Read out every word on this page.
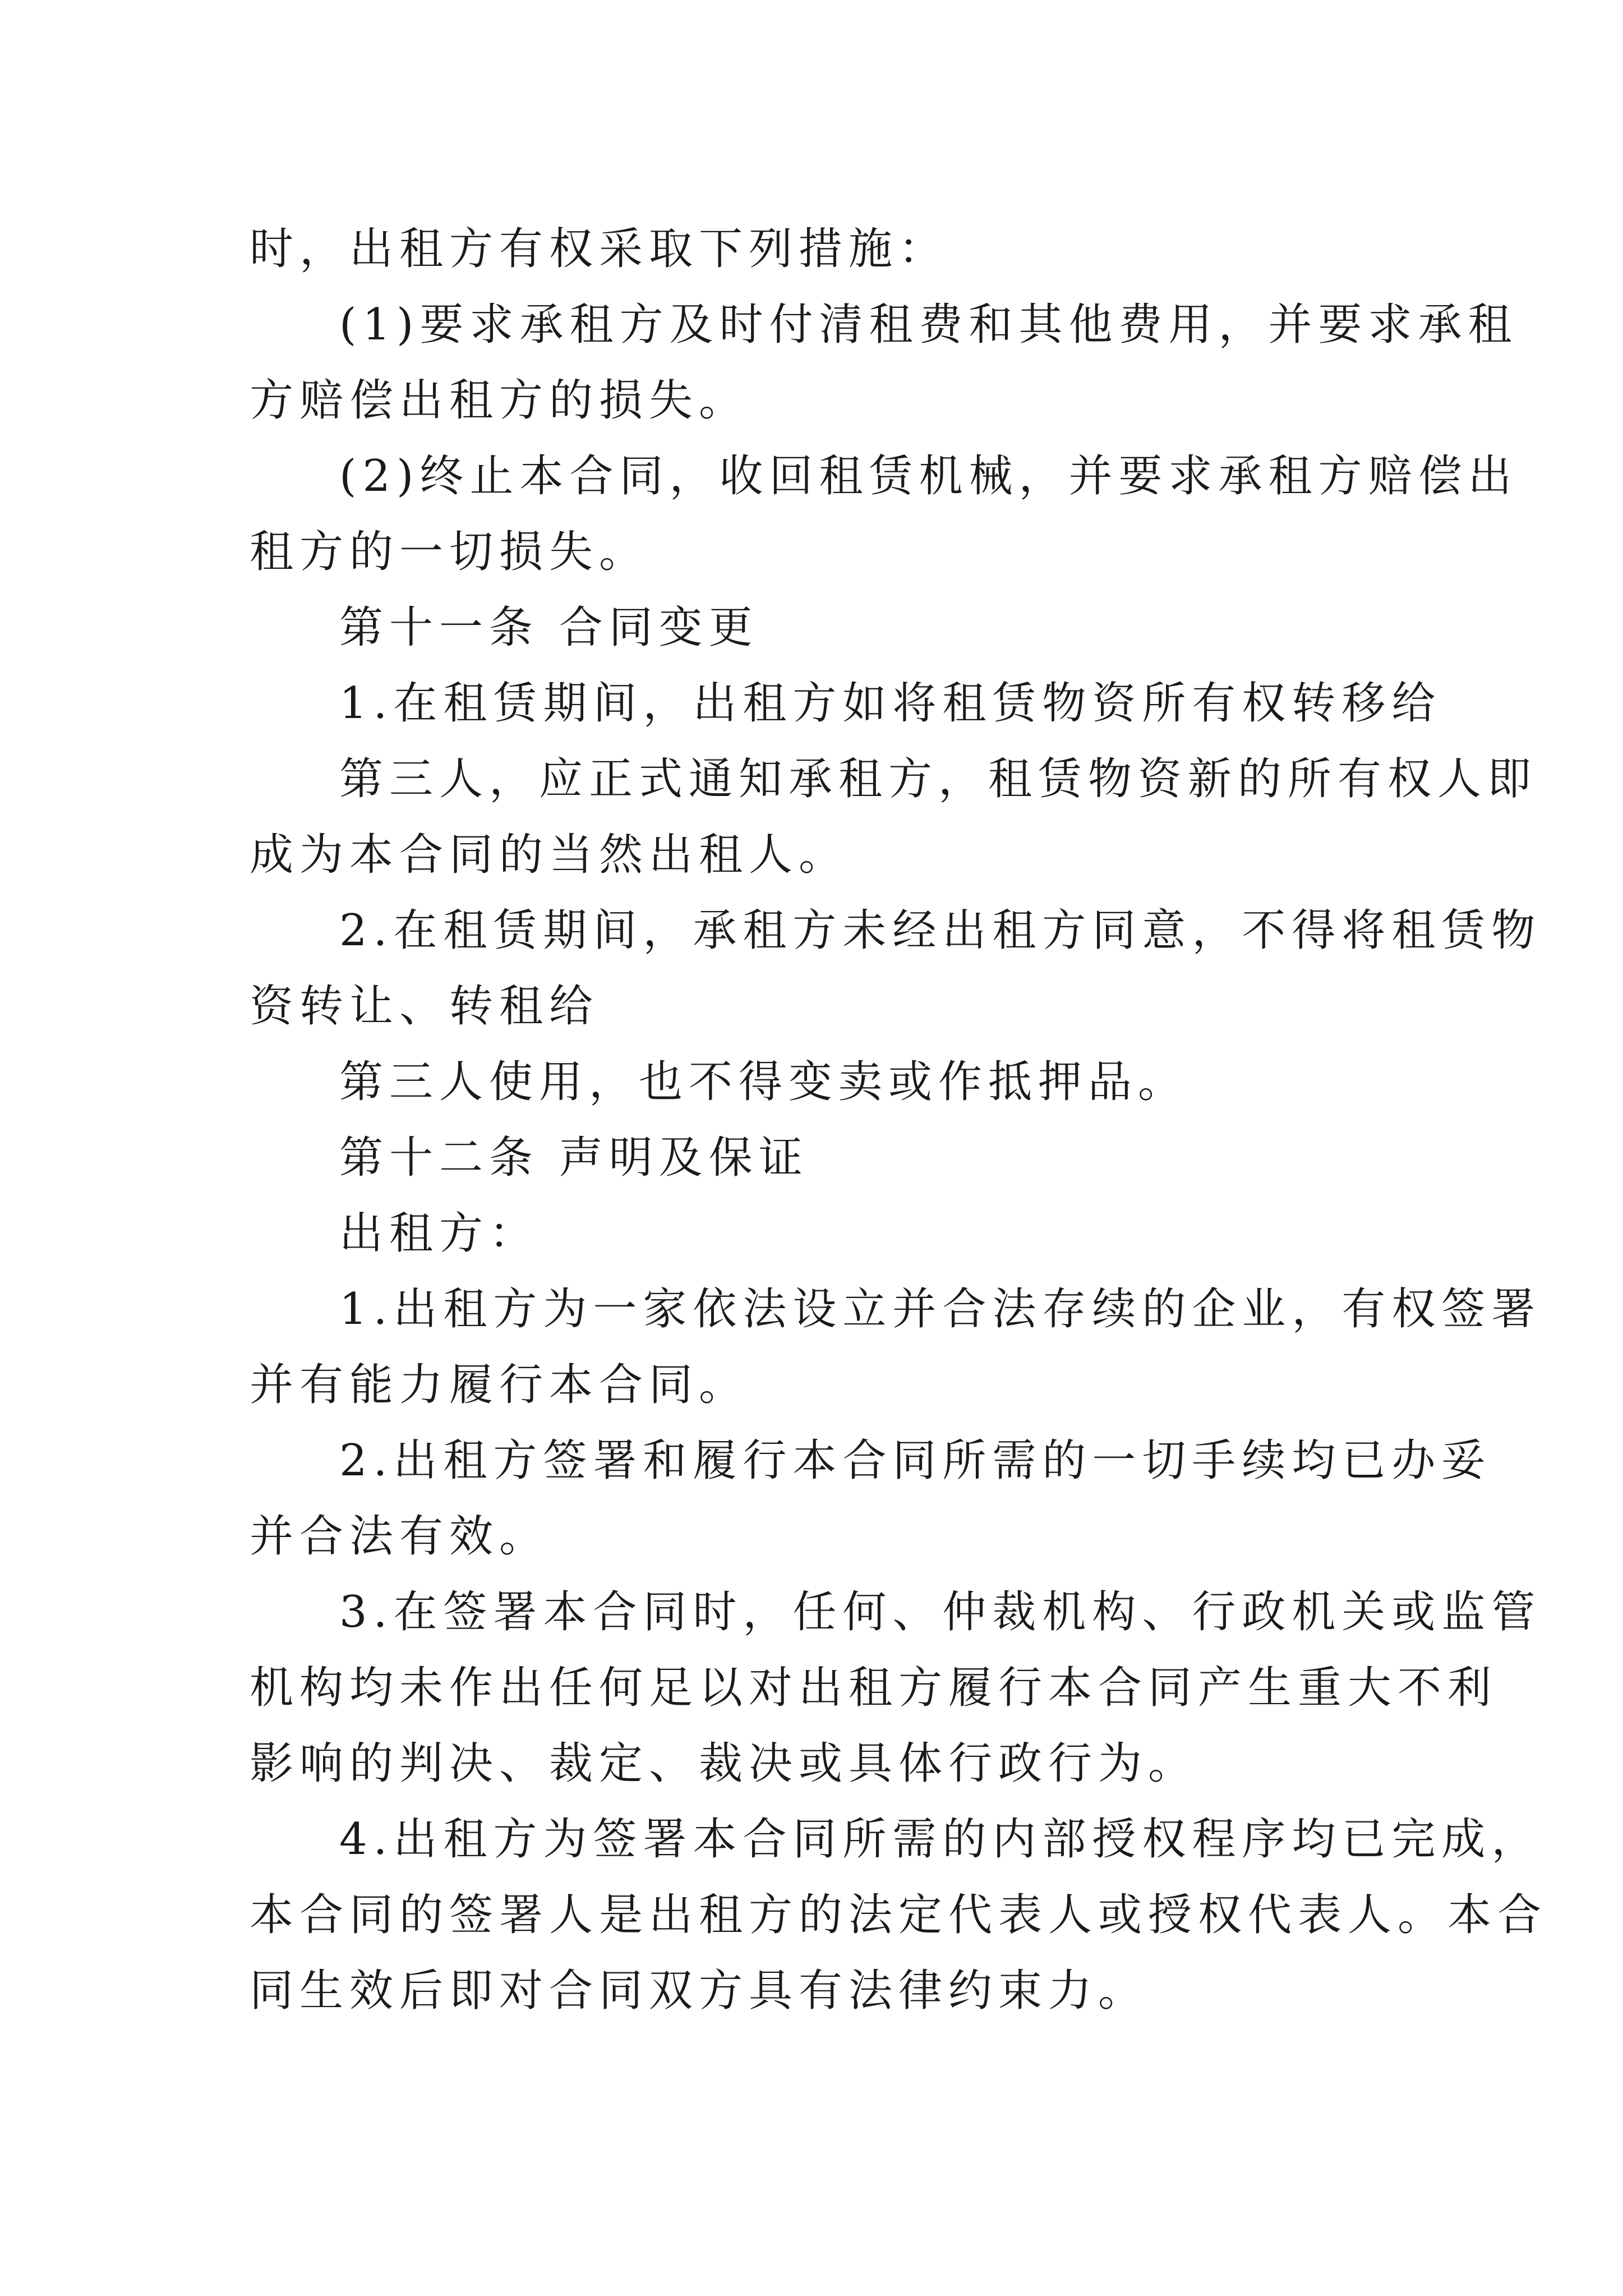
时，出租方有权采取下列措施：

(1)要求承租方及时付清租费和其他费用，并要求承租

方赔偿出租方的损失。

(2)终止本合同，收回租赁机械，并要求承租方赔偿出

租方的一切损失。

第十一条 合同变更

1.在租赁期间，出租方如将租赁物资所有权转移给

第三人，应正式通知承租方，租赁物资新的所有权人即

成为本合同的当然出租人。

2.在租赁期间，承租方未经出租方同意，不得将租赁物

资转让、转租给

第三人使用，也不得变卖或作抵押品。

第十二条 声明及保证

出租方：

1.出租方为一家依法设立并合法存续的企业，有权签署

并有能力履行本合同。

2.出租方签署和履行本合同所需的一切手续均已办妥

并合法有效。

3.在签署本合同时，任何、仲裁机构、行政机关或监管

机构均未作出任何足以对出租方履行本合同产生重大不利

影响的判决、裁定、裁决或具体行政行为。

4.出租方为签署本合同所需的内部授权程序均已完成，

本合同的签署人是出租方的法定代表人或授权代表人。本合

同生效后即对合同双方具有法律约束力。
